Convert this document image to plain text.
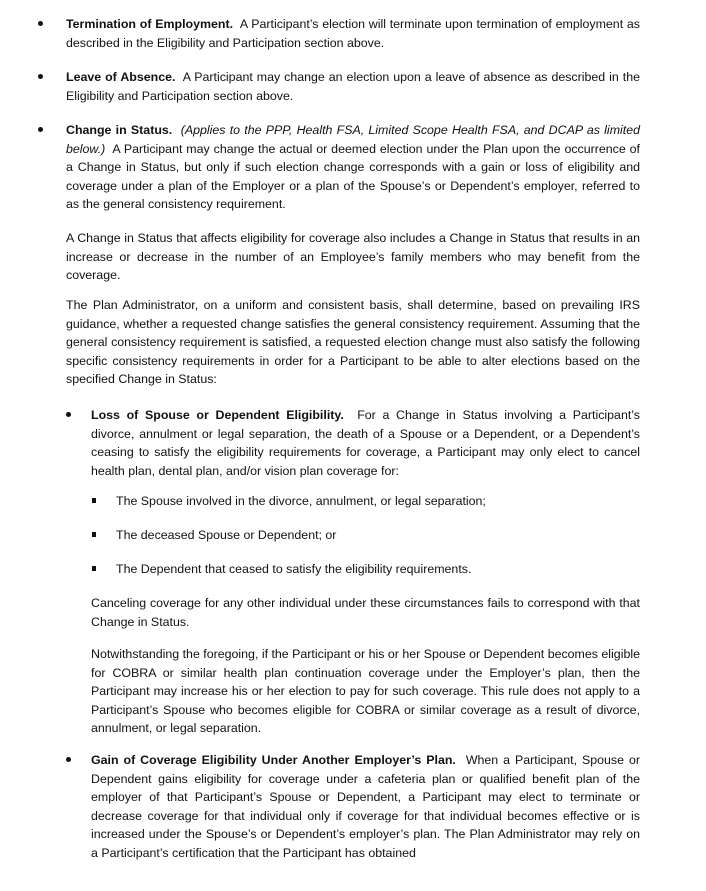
Termination of Employment. A Participant’s election will terminate upon termination of employment as described in the Eligibility and Participation section above.
Leave of Absence. A Participant may change an election upon a leave of absence as described in the Eligibility and Participation section above.
Change in Status. (Applies to the PPP, Health FSA, Limited Scope Health FSA, and DCAP as limited below.) A Participant may change the actual or deemed election under the Plan upon the occurrence of a Change in Status, but only if such election change corresponds with a gain or loss of eligibility and coverage under a plan of the Employer or a plan of the Spouse’s or Dependent’s employer, referred to as the general consistency requirement.
A Change in Status that affects eligibility for coverage also includes a Change in Status that results in an increase or decrease in the number of an Employee’s family members who may benefit from the coverage.
The Plan Administrator, on a uniform and consistent basis, shall determine, based on prevailing IRS guidance, whether a requested change satisfies the general consistency requirement. Assuming that the general consistency requirement is satisfied, a requested election change must also satisfy the following specific consistency requirements in order for a Participant to be able to alter elections based on the specified Change in Status:
Loss of Spouse or Dependent Eligibility. For a Change in Status involving a Participant’s divorce, annulment or legal separation, the death of a Spouse or a Dependent, or a Dependent’s ceasing to satisfy the eligibility requirements for coverage, a Participant may only elect to cancel health plan, dental plan, and/or vision plan coverage for:
The Spouse involved in the divorce, annulment, or legal separation;
The deceased Spouse or Dependent; or
The Dependent that ceased to satisfy the eligibility requirements.
Canceling coverage for any other individual under these circumstances fails to correspond with that Change in Status.
Notwithstanding the foregoing, if the Participant or his or her Spouse or Dependent becomes eligible for COBRA or similar health plan continuation coverage under the Employer’s plan, then the Participant may increase his or her election to pay for such coverage. This rule does not apply to a Participant’s Spouse who becomes eligible for COBRA or similar coverage as a result of divorce, annulment, or legal separation.
Gain of Coverage Eligibility Under Another Employer’s Plan. When a Participant, Spouse or Dependent gains eligibility for coverage under a cafeteria plan or qualified benefit plan of the employer of that Participant’s Spouse or Dependent, a Participant may elect to terminate or decrease coverage for that individual only if coverage for that individual becomes effective or is increased under the Spouse’s or Dependent’s employer’s plan. The Plan Administrator may rely on a Participant’s certification that the Participant has obtained
